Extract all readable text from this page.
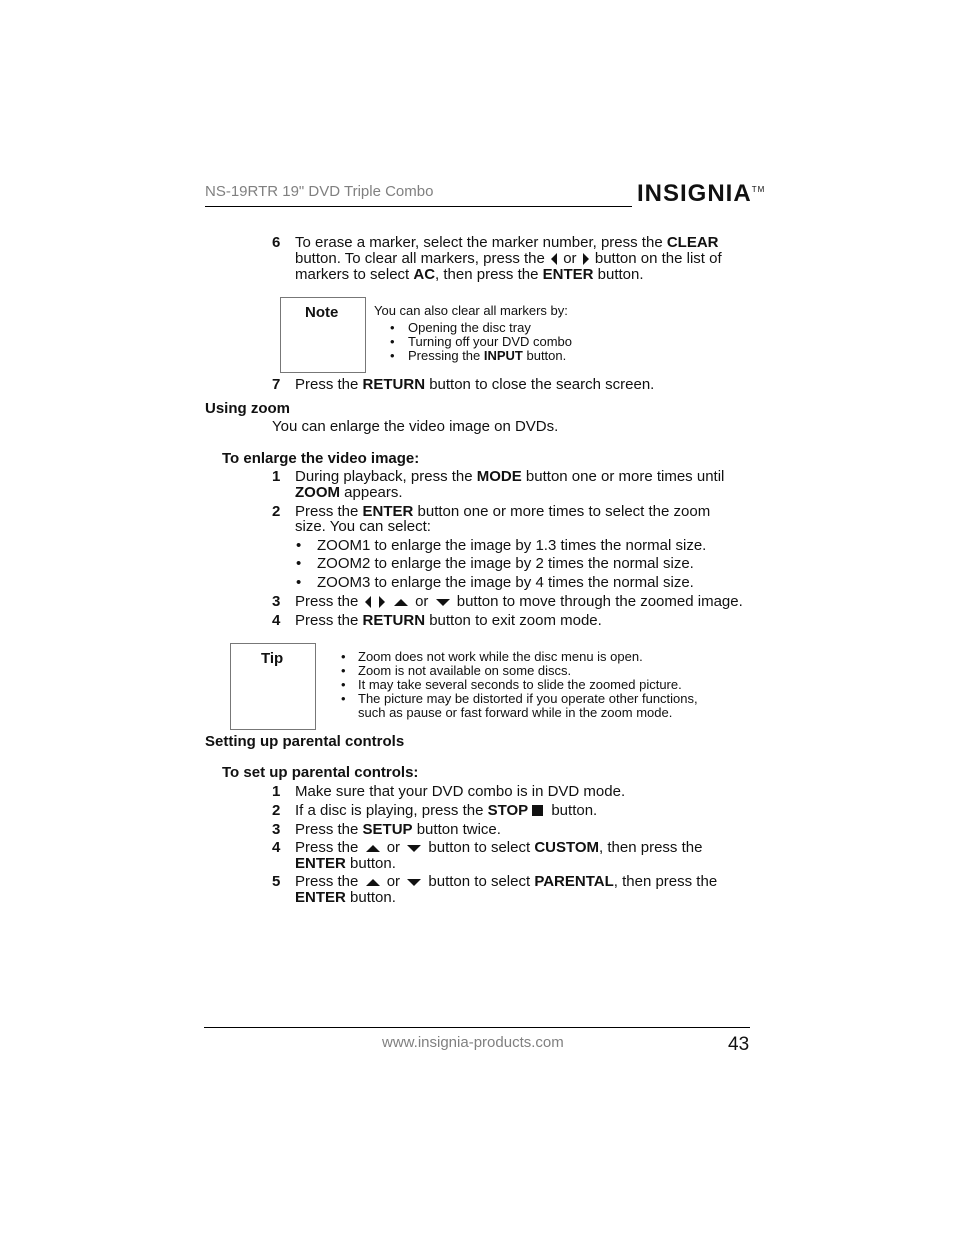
NS-19RTR 19" DVD Triple Combo	INSIGNIA™
6 To erase a marker, select the marker number, press the CLEAR
button. To clear all markers, press the  or button on the list of
markers to select AC, then press the ENTER button.
Note	You can also clear all markers by:
• Opening the disc tray
• Turning off your DVD combo
• Pressing the INPUT button.
7 Press the RETURN button to close the search screen.
Using zoom
You can enlarge the video image on DVDs.
To enlarge the video image:
1 During playback, press the MODE button one or more times until
ZOOM appears.
2 Press the ENTER button one or more times to select the zoom
size. You can select:
• ZOOM1 to enlarge the image by 1.3 times the normal size.
• ZOOM2 to enlarge the image by 2 times the normal size.
• ZOOM3 to enlarge the image by 4 times the normal size.
3 Press the	or button to move through the zoomed image.
4 Press the RETURN button to exit zoom mode.
Tip	• Zoom does not work while the disc menu is open.
• Zoom is not available on some discs.
• It may take several seconds to slide the zoomed picture.
• The picture may be distorted if you operate other functions,
such as pause or fast forward while in the zoom mode.
Setting up parental controls
To set up parental controls:
1 Make sure that your DVD combo is in DVD mode.
2 If a disc is playing, press the STOP button.
3 Press the SETUP button twice.
4 Press the or button to select CUSTOM, then press the
ENTER button.
5 Press the or button to select PARENTAL, then press the
ENTER button.
www.insignia-products.com	43
